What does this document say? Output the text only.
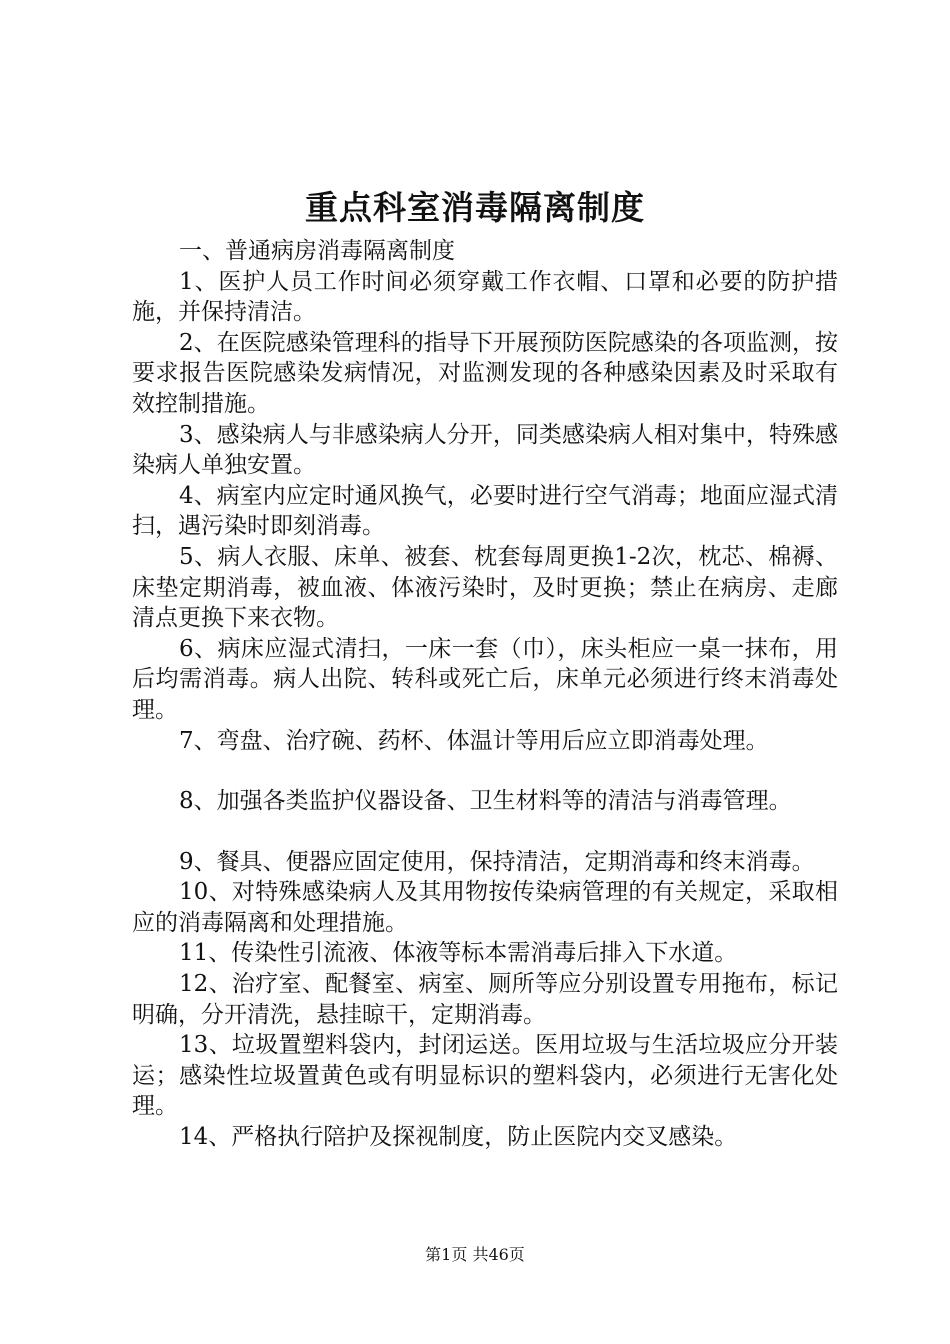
重点科室消毒隔离制度

一、普通病房消毒隔离制度

1、医护人员工作时间必须穿戴工作衣帽、口罩和必要的防护措施，并保持清洁。

2、在医院感染管理科的指导下开展预防医院感染的各项监测，按要求报告医院感染发病情况，对监测发现的各种感染因素及时采取有效控制措施。

3、感染病人与非感染病人分开，同类感染病人相对集中，特殊感染病人单独安置。

4、病室内应定时通风换气，必要时进行空气消毒；地面应湿式清扫，遇污染时即刻消毒。

5、病人衣服、床单、被套、枕套每周更换1-2次，枕芯、棉褥、床垫定期消毒，被血液、体液污染时，及时更换；禁止在病房、走廊清点更换下来衣物。

6、病床应湿式清扫，一床一套（巾），床头柜应一桌一抹布，用后均需消毒。病人出院、转科或死亡后，床单元必须进行终末消毒处理。

7、弯盘、治疗碗、药杯、体温计等用后应立即消毒处理。

8、加强各类监护仪器设备、卫生材料等的清洁与消毒管理。

9、餐具、便器应固定使用，保持清洁，定期消毒和终末消毒。

10、对特殊感染病人及其用物按传染病管理的有关规定，采取相应的消毒隔离和处理措施。

11、传染性引流液、体液等标本需消毒后排入下水道。

12、治疗室、配餐室、病室、厕所等应分别设置专用拖布，标记明确，分开清洗，悬挂晾干，定期消毒。

13、垃圾置塑料袋内，封闭运送。医用垃圾与生活垃圾应分开装运；感染性垃圾置黄色或有明显标识的塑料袋内，必须进行无害化处理。

14、严格执行陪护及探视制度，防止医院内交叉感染。

第1页 共46页
